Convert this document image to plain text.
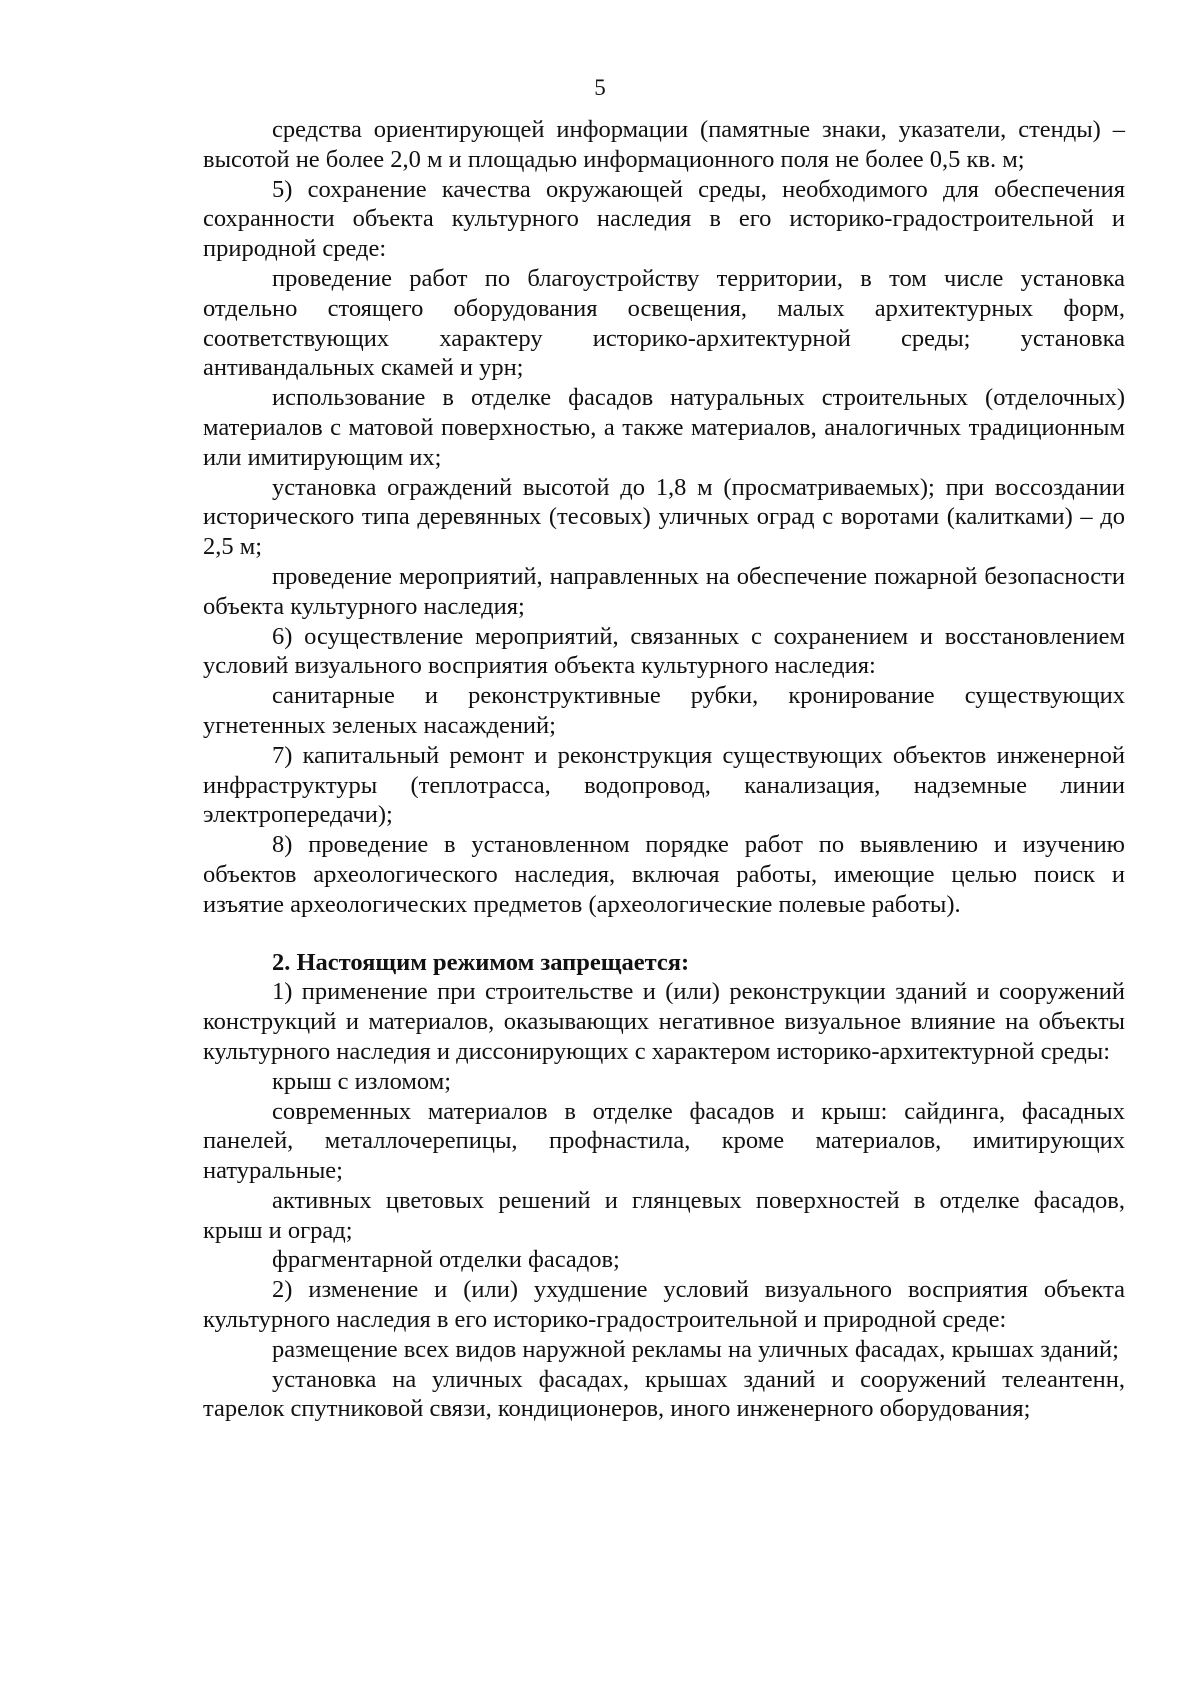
5

средства ориентирующей информации (памятные знаки, указатели, стенды) – высотой не более 2,0 м и площадью информационного поля не более 0,5 кв. м;

5) сохранение качества окружающей среды, необходимого для обеспечения сохранности объекта культурного наследия в его историко-градостроительной и природной среде:

проведение работ по благоустройству территории, в том числе установка отдельно стоящего оборудования освещения, малых архитектурных форм, соответствующих характеру историко-архитектурной среды; установка антивандальных скамей и урн;

использование в отделке фасадов натуральных строительных (отделочных) материалов с матовой поверхностью, а также материалов, аналогичных традиционным или имитирующим их;

установка ограждений высотой до 1,8 м (просматриваемых); при воссоздании исторического типа деревянных (тесовых) уличных оград с воротами (калитками) – до 2,5 м;

проведение мероприятий, направленных на обеспечение пожарной безопасности объекта культурного наследия;

6) осуществление мероприятий, связанных с сохранением и восстановлением условий визуального восприятия объекта культурного наследия:

санитарные и реконструктивные рубки, кронирование существующих угнетенных зеленых насаждений;

7) капитальный ремонт и реконструкция существующих объектов инженерной инфраструктуры (теплотрасса, водопровод, канализация, надземные линии электропередачи);

8) проведение в установленном порядке работ по выявлению и изучению объектов археологического наследия, включая работы, имеющие целью поиск и изъятие археологических предметов (археологические полевые работы).

2. Настоящим режимом запрещается:

1) применение при строительстве и (или) реконструкции зданий и сооружений конструкций и материалов, оказывающих негативное визуальное влияние на объекты культурного наследия и диссонирующих с характером историко-архитектурной среды:

крыш с изломом;

современных материалов в отделке фасадов и крыш: сайдинга, фасадных панелей, металлочерепицы, профнастила, кроме материалов, имитирующих натуральные;

активных цветовых решений и глянцевых поверхностей в отделке фасадов, крыш и оград;

фрагментарной отделки фасадов;

2) изменение и (или) ухудшение условий визуального восприятия объекта культурного наследия в его историко-градостроительной и природной среде:

размещение всех видов наружной рекламы на уличных фасадах, крышах зданий;

установка на уличных фасадах, крышах зданий и сооружений телеантенн, тарелок спутниковой связи, кондиционеров, иного инженерного оборудования;
